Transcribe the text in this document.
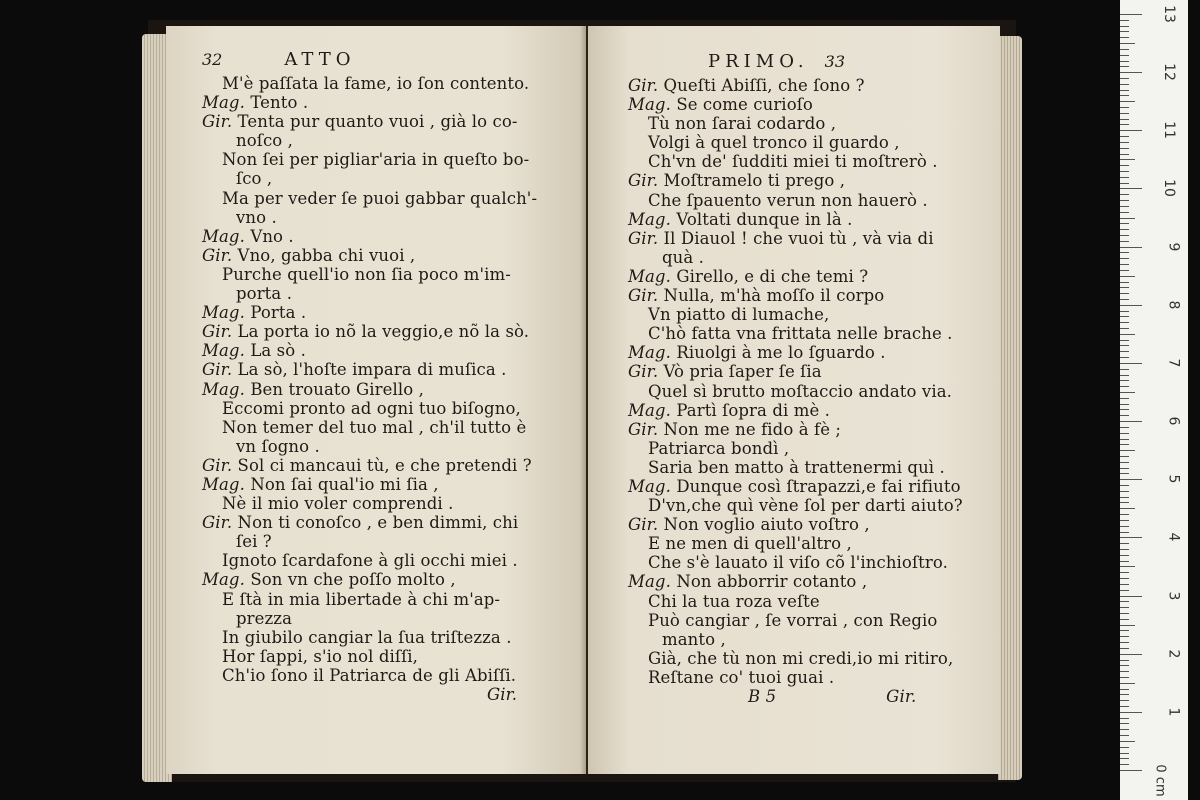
32	ATTO
M'è paſſata la fame, io ſon contento.
Mag. Tento .
Gir. Tenta pur quanto vuoi , già lo co-
noſco ,
Non ſei per pigliar'aria in queſto bo-
ſco ,
Ma per veder ſe puoi gabbar qualch'-
vno .
Mag. Vno .
Gir. Vno, gabba chi vuoi ,
Purche quell'io non ſia poco m'im-
porta .
Mag. Porta .
Gir. La porta io nõ la veggio,e nõ la sò.
Mag. La sò .
Gir. La sò, l'hoſte impara di muſica .
Mag. Ben trouato Girello ,
Eccomi pronto ad ogni tuo biſogno,
Non temer del tuo mal , ch'il tutto è
vn ſogno .
Gir. Sol ci mancaui tù, e che pretendi ?
Mag. Non ſai qual'io mi ſia ,
Nè il mio voler comprendi .
Gir. Non ti conoſco , e ben dimmi, chi
ſei ?
Ignoto ſcardafone à gli occhi miei .
Mag. Son vn che poſſo molto ,
E ſtà in mia libertade à chi m'ap-
prezza
In giubilo cangiar la ſua triſtezza .
Hor ſappi, s'io nol diſſi,
Ch'io ſono il Patriarca de gli Abiſſi.
Gir.
PRIMO. 33
Gir. Queſti Abiſſi, che ſono ?
Mag. Se come curioſo
Tù non ſarai codardo ,
Volgi à quel tronco il guardo ,
Ch'vn de' ſudditi miei ti moſtrerò .
Gir. Moſtramelo ti prego ,
Che ſpauento verun non hauerò .
Mag. Voltati dunque in là .
Gir. Il Diauol ! che vuoi tù , và via di
quà .
Mag. Girello, e di che temi ?
Gir. Nulla, m'hà moſſo il corpo
Vn piatto di lumache,
C'hò fatta vna frittata nelle brache .
Mag. Riuolgi à me lo ſguardo .
Gir. Vò pria ſaper ſe ſia
Quel sì brutto moſtaccio andato via.
Mag. Partì ſopra di mè .
Gir. Non me ne fido à fè ;
Patriarca bondì ,
Saria ben matto à trattenermi quì .
Mag. Dunque così ſtrapazzi,e fai rifiuto
D'vn,che quì vène ſol per darti aiuto?
Gir. Non voglio aiuto voſtro ,
E ne men di quell'altro ,
Che s'è lauato il viſo cõ l'inchioſtro.
Mag. Non abborrir cotanto ,
Chi la tua roza veſte
Può cangiar , ſe vorrai , con Regio
manto ,
Già, che tù non mi credi,io mi ritiro,
Reſtane co' tuoi guai .
B 5	Gir.
0 cm
1
2
3
4
5
6
7
8
9
10
11
12
13
